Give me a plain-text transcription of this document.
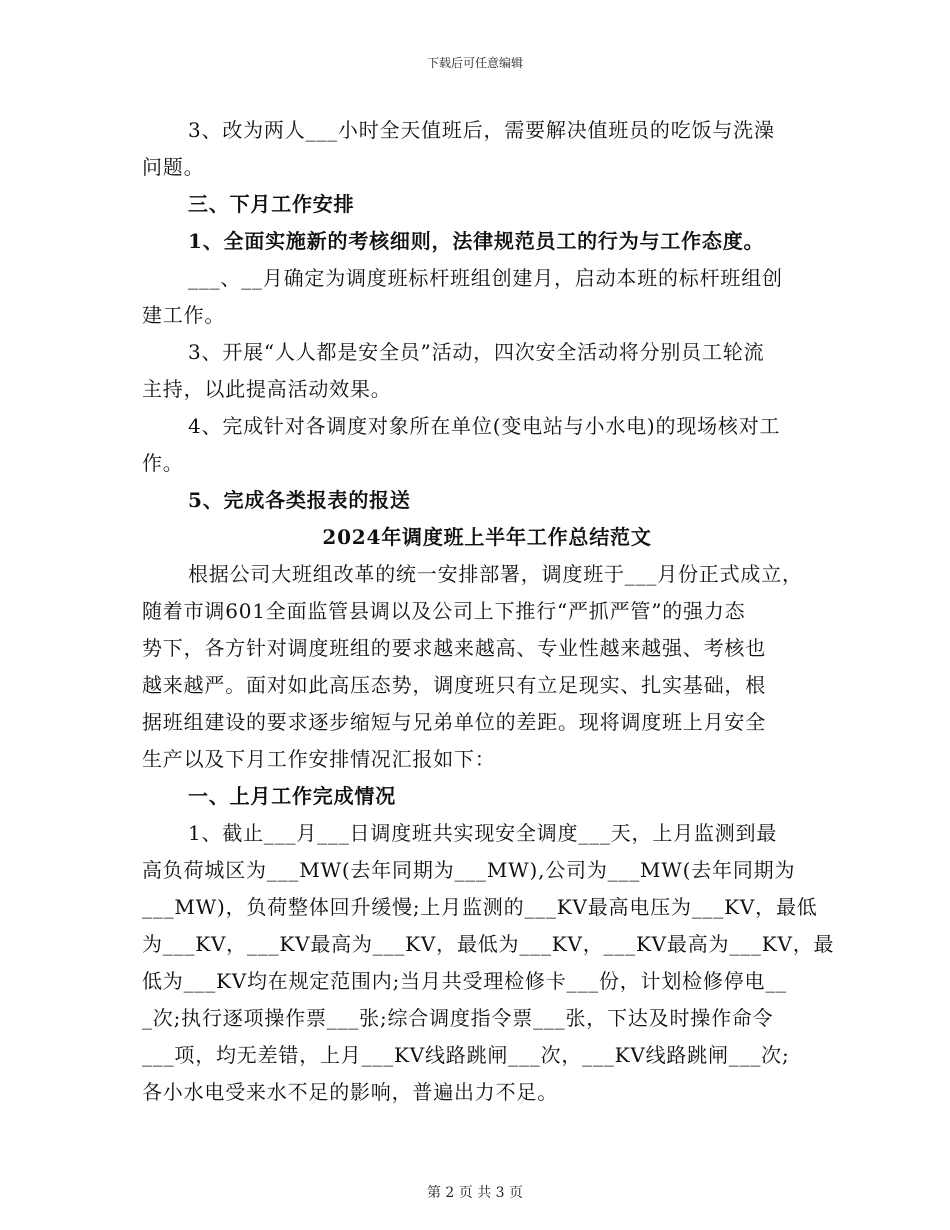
下载后可任意编辑
3、改为两人___小时全天值班后，需要解决值班员的吃饭与洗澡
问题。
三、下月工作安排
1、全面实施新的考核细则，法律规范员工的行为与工作态度。
___、__月确定为调度班标杆班组创建月，启动本班的标杆班组创
建工作。
3、开展“人人都是安全员”活动，四次安全活动将分别员工轮流
主持，以此提高活动效果。
4、完成针对各调度对象所在单位(变电站与小水电)的现场核对工
作。
5、完成各类报表的报送
2024年调度班上半年工作总结范文
根据公司大班组改革的统一安排部署，调度班于___月份正式成立，
随着市调601全面监管县调以及公司上下推行“严抓严管”的强力态
势下，各方针对调度班组的要求越来越高、专业性越来越强、考核也
越来越严。面对如此高压态势，调度班只有立足现实、扎实基础，根
据班组建设的要求逐步缩短与兄弟单位的差距。现将调度班上月安全
生产以及下月工作安排情况汇报如下：
一、上月工作完成情况
1、截止___月___日调度班共实现安全调度___天，上月监测到最
高负荷城区为___MW(去年同期为___MW),公司为___MW(去年同期为
___MW)，负荷整体回升缓慢;上月监测的___KV最高电压为___KV，最低
为___KV，___KV最高为___KV，最低为___KV，___KV最高为___KV，最
低为___KV均在规定范围内;当月共受理检修卡___份，计划检修停电__
_次;执行逐项操作票___张;综合调度指令票___张，下达及时操作命令
___项，均无差错，上月___KV线路跳闸___次，___KV线路跳闸___次;
各小水电受来水不足的影响，普遍出力不足。
第 2 页 共 3 页
